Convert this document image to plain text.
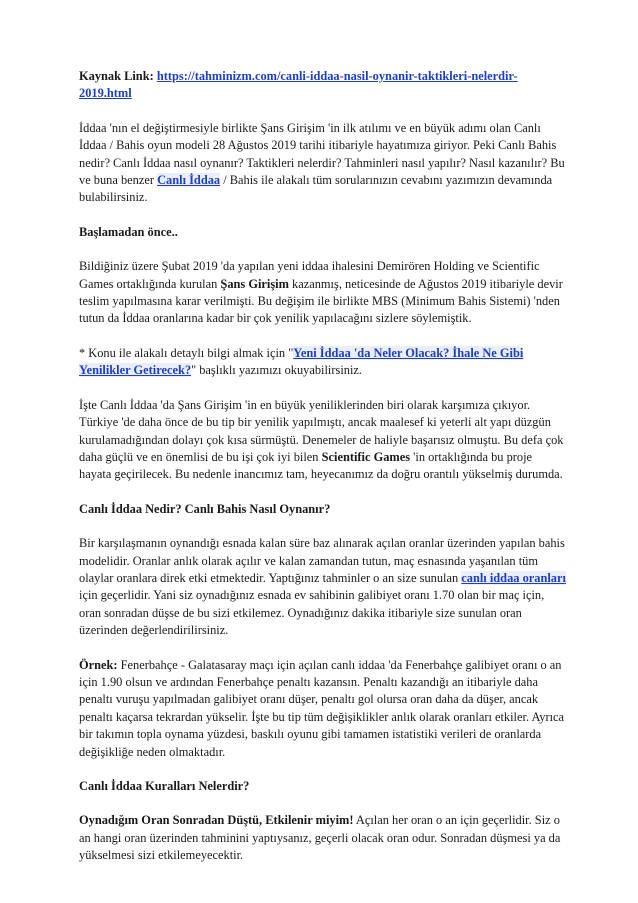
Kaynak Link: https://tahminizm.com/canli-iddaa-nasil-oynanir-taktikleri-nelerdir-2019.html

İddaa 'nın el değiştirmesiyle birlikte Şans Girişim 'in ilk atılımı ve en büyük adımı olan Canlı İddaa / Bahis oyun modeli 28 Ağustos 2019 tarihi itibariyle hayatımıza giriyor. Peki Canlı Bahis nedir? Canlı İddaa nasıl oynanır? Taktikleri nelerdir? Tahminleri nasıl yapılır? Nasıl kazanılır? Bu ve buna benzer Canlı İddaa / Bahis ile alakalı tüm sorularınızın cevabını yazımızın devamında bulabilirsiniz.

Başlamadan önce..

Bildiğiniz üzere Şubat 2019 'da yapılan yeni iddaa ihalesini Demirören Holding ve Scientific Games ortaklığında kurulan Şans Girişim kazanmış, neticesinde de Ağustos 2019 itibariyle devir teslim yapılmasına karar verilmişti. Bu değişim ile birlikte MBS (Minimum Bahis Sistemi) 'nden tutun da İddaa oranlarına kadar bir çok yenilik yapılacağını sizlere söylemiştik.

* Konu ile alakalı detaylı bilgi almak için "Yeni İddaa 'da Neler Olacak? İhale Ne Gibi Yenilikler Getirecek?" başlıklı yazımızı okuyabilirsiniz.

İşte Canlı İddaa 'da Şans Girişim 'in en büyük yeniliklerinden biri olarak karşımıza çıkıyor. Türkiye 'de daha önce de bu tip bir yenilik yapılmıştı, ancak maalesef ki yeterli alt yapı düzgün kurulamadığından dolayı çok kısa sürmüştü. Denemeler de haliyle başarısız olmuştu. Bu defa çok daha güçlü ve en önemlisi de bu işi çok iyi bilen Scientific Games 'in ortaklığında bu proje hayata geçirilecek. Bu nedenle inancımız tam, heyecanımız da doğru orantılı yükselmiş durumda.

Canlı İddaa Nedir? Canlı Bahis Nasıl Oynanır?

Bir karşılaşmanın oynandığı esnada kalan süre baz alınarak açılan oranlar üzerinden yapılan bahis modelidir. Oranlar anlık olarak açılır ve kalan zamandan tutun, maç esnasında yaşanılan tüm olaylar oranlara direk etki etmektedir. Yaptığınız tahminler o an size sunulan canlı iddaa oranları için geçerlidir. Yani siz oynadığınız esnada ev sahibinin galibiyet oranı 1.70 olan bir maç için, oran sonradan düşse de bu sizi etkilemez. Oynadığınız dakika itibariyle size sunulan oran üzerinden değerlendirilirsiniz.

Örnek: Fenerbahçe - Galatasaray maçı için açılan canlı iddaa 'da Fenerbahçe galibiyet oranı o an için 1.90 olsun ve ardından Fenerbahçe penaltı kazansın. Penaltı kazandığı an itibariyle daha penaltı vuruşu yapılmadan galibiyet oranı düşer, penaltı gol olursa oran daha da düşer, ancak penaltı kaçarsa tekrardan yükselir. İşte bu tip tüm değişiklikler anlık olarak oranları etkiler. Ayrıca bir takımın topla oynama yüzdesi, baskılı oyunu gibi tamamen istatistiki verileri de oranlarda değişikliğe neden olmaktadır.

Canlı İddaa Kuralları Nelerdir?

Oynadığım Oran Sonradan Düştü, Etkilenir miyim! Açılan her oran o an için geçerlidir. Siz o an hangi oran üzerinden tahminini yaptıysanız, geçerli olacak oran odur. Sonradan düşmesi ya da yükselmesi sizi etkilemeyecektir.
